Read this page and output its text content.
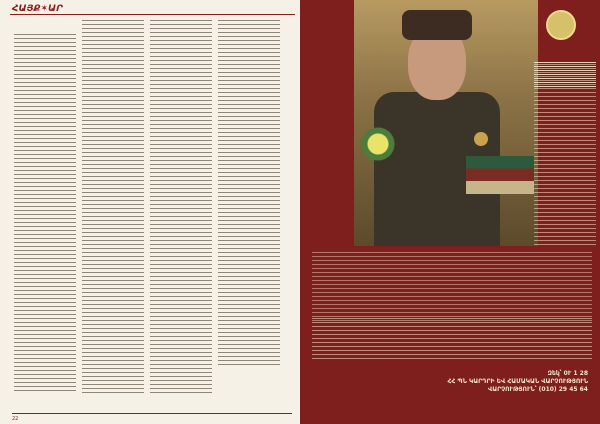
ՀԱՅՔ✶ԱՐ
22
Զեկ՝ 0Ւ 1 28
ՀՀ ՊՆ ԿԱՐԴՐԻ ԵՎ ՀԱՄԱԿԱՆ ՎԱՐՉՈՒԹՅՈՒՆ
ՎԱՐՉՈՒԹՅՈՒՆ՝ (010) 29 45 64
